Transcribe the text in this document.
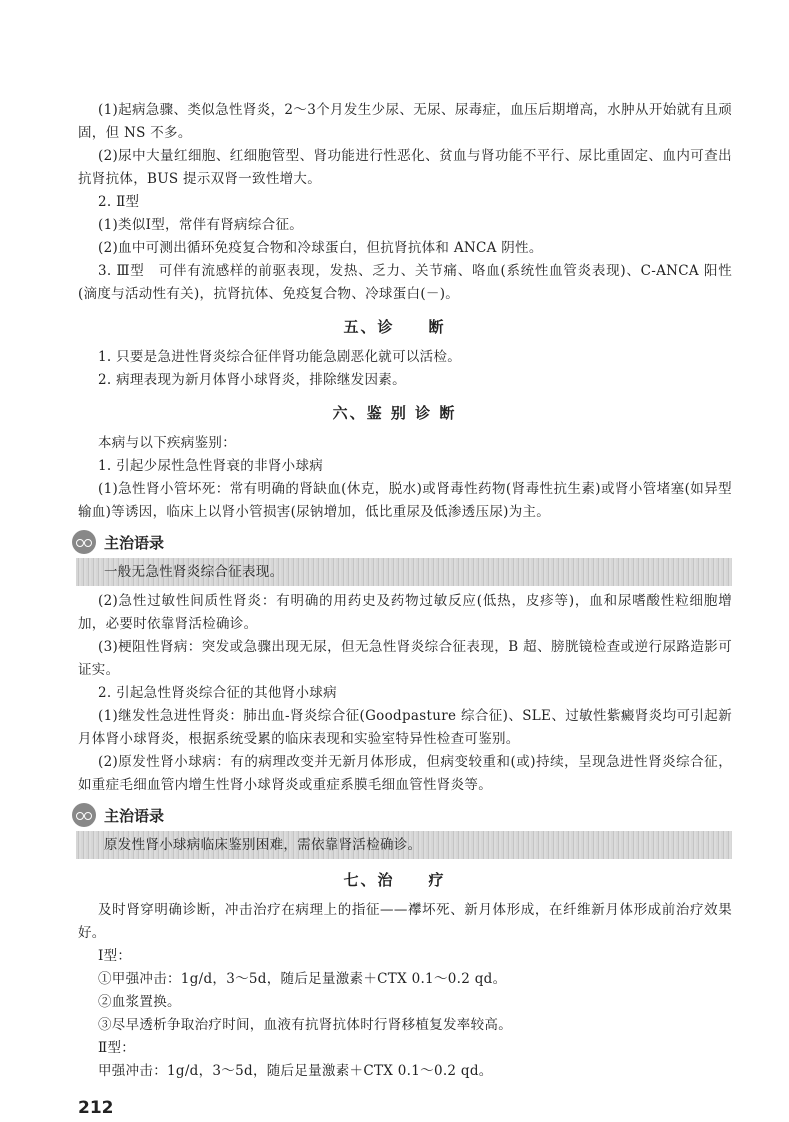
(1)起病急骤、类似急性肾炎，2～3个月发生少尿、无尿、尿毒症，血压后期增高，水肿从开始就有且顽固，但 NS 不多。

(2)尿中大量红细胞、红细胞管型、肾功能进行性恶化、贫血与肾功能不平行、尿比重固定、血内可查出抗肾抗体，BUS 提示双肾一致性增大。

2. Ⅱ型

(1)类似Ⅰ型，常伴有肾病综合征。

(2)血中可测出循环免疫复合物和冷球蛋白，但抗肾抗体和 ANCA 阴性。

3. Ⅲ型　可伴有流感样的前驱表现，发热、乏力、关节痛、咯血(系统性血管炎表现)、C-ANCA 阳性(滴度与活动性有关)，抗肾抗体、免疫复合物、冷球蛋白(－)。

五、诊 断

1. 只要是急进性肾炎综合征伴肾功能急剧恶化就可以活检。

2. 病理表现为新月体肾小球肾炎，排除继发因素。

六、鉴 别 诊 断

本病与以下疾病鉴别：

1. 引起少尿性急性肾衰的非肾小球病

(1)急性肾小管坏死：常有明确的肾缺血(休克，脱水)或肾毒性药物(肾毒性抗生素)或肾小管堵塞(如异型输血)等诱因，临床上以肾小管损害(尿钠增加，低比重尿及低渗透压尿)为主。

主治语录
一般无急性肾炎综合征表现。

(2)急性过敏性间质性肾炎：有明确的用药史及药物过敏反应(低热，皮疹等)，血和尿嗜酸性粒细胞增加，必要时依靠肾活检确诊。

(3)梗阻性肾病：突发或急骤出现无尿，但无急性肾炎综合征表现，B 超、膀胱镜检查或逆行尿路造影可证实。

2. 引起急性肾炎综合征的其他肾小球病

(1)继发性急进性肾炎：肺出血-肾炎综合征(Goodpasture 综合征)、SLE、过敏性紫癜肾炎均可引起新月体肾小球肾炎，根据系统受累的临床表现和实验室特异性检查可鉴别。

(2)原发性肾小球病：有的病理改变并无新月体形成，但病变较重和(或)持续，呈现急进性肾炎综合征，如重症毛细血管内增生性肾小球肾炎或重症系膜毛细血管性肾炎等。

主治语录
原发性肾小球病临床鉴别困难，需依靠肾活检确诊。
七、治 疗

及时肾穿明确诊断，冲击治疗在病理上的指征——襻坏死、新月体形成，在纤维新月体形成前治疗效果好。

Ⅰ型：

①甲强冲击：1g/d，3～5d，随后足量激素＋CTX 0.1～0.2 qd。

②血浆置换。

③尽早透析争取治疗时间，血液有抗肾抗体时行肾移植复发率较高。

Ⅱ型：

甲强冲击：1g/d，3～5d，随后足量激素＋CTX 0.1～0.2 qd。

212
